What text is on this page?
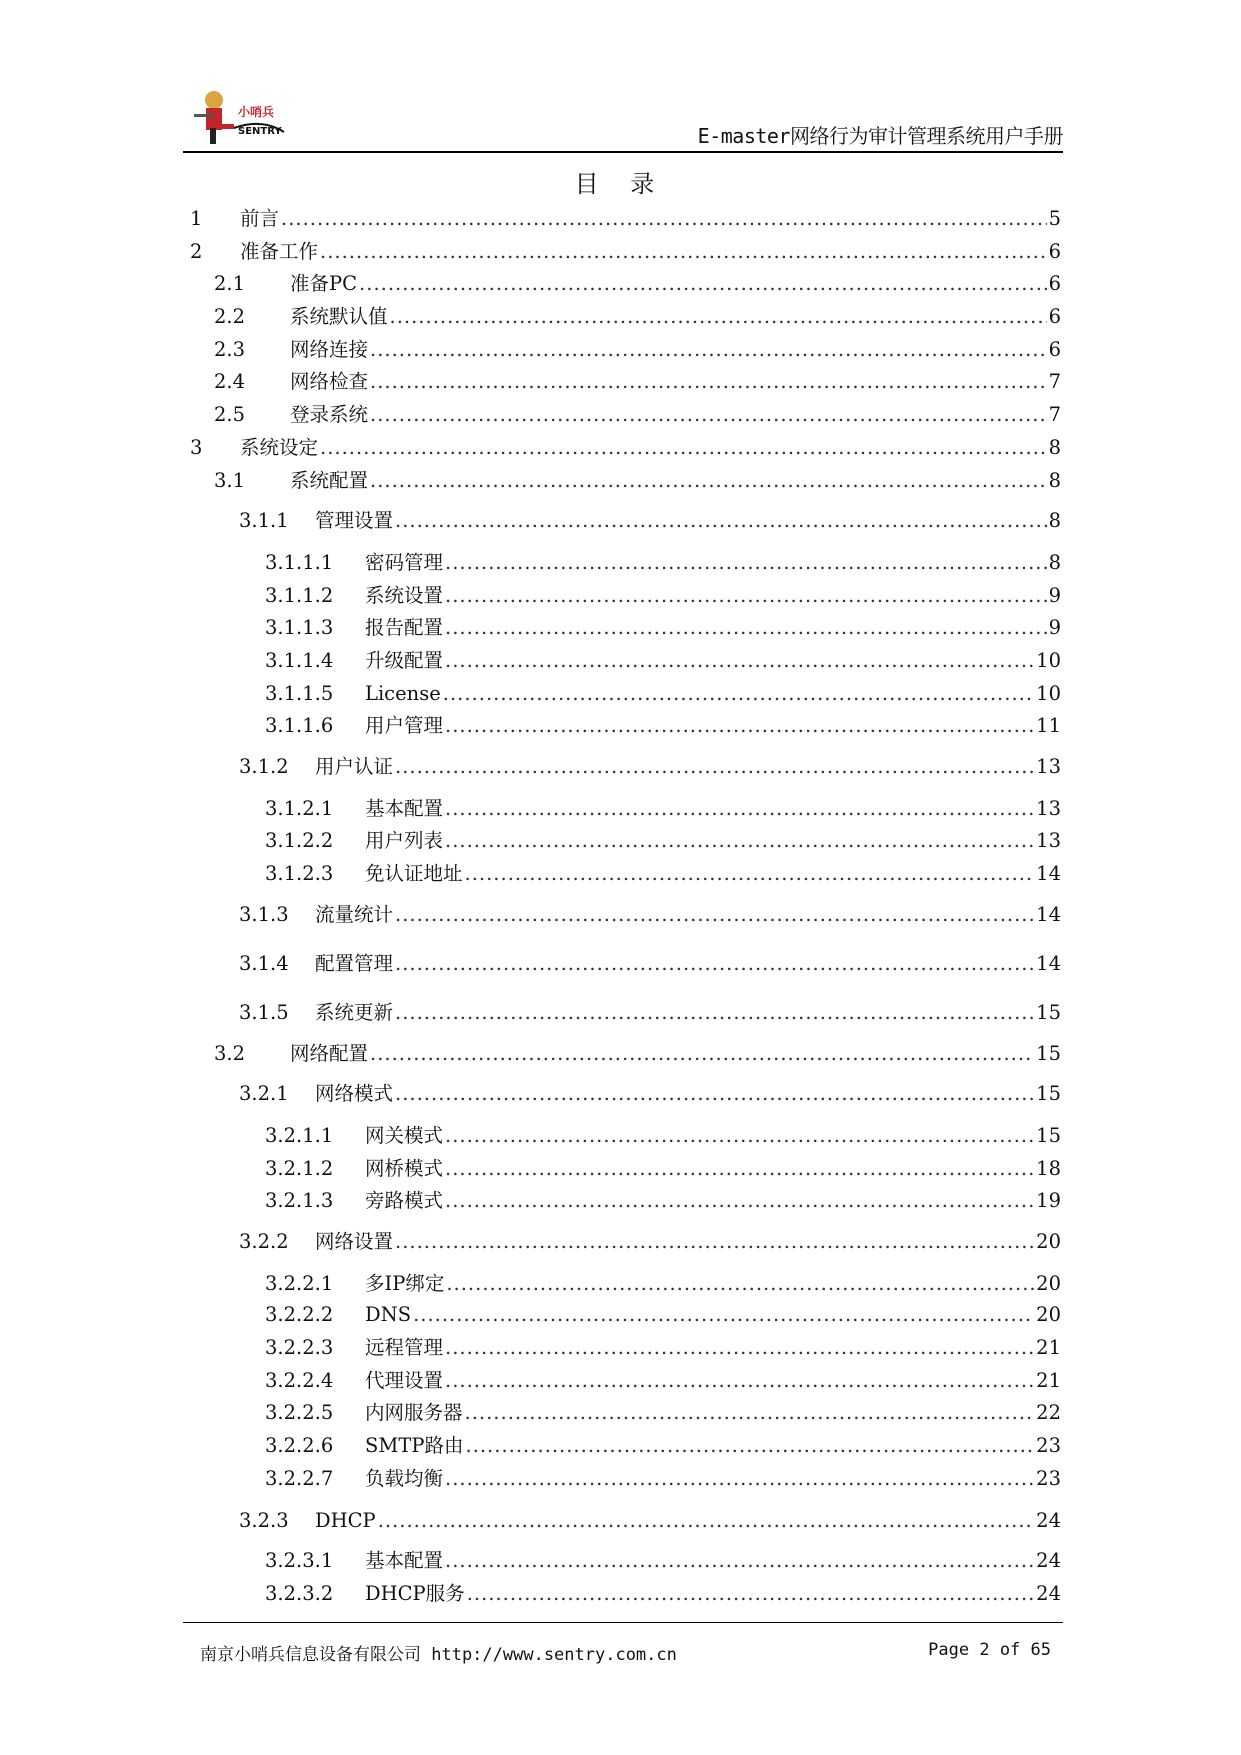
小哨兵
SENTRY	E-master网络行为审计管理系统用户手册
目 录
1	前言 .....	5
2	准备工作 .....	6
2.1	准备PC .....	6
2.2	系统默认值 .....	6
2.3	网络连接 .....	6
2.4	网络检查 .....	7
2.5	登录系统 .....	7
3	系统设定 .....	8
3.1	系统配置 .....	8
3.1.1	管理设置 .....	8
3.1.1.1	密码管理 .....	8
3.1.1.2	系统设置 .....	9
3.1.1.3	报告配置 .....	9
3.1.1.4	升级配置 .....	10
3.1.1.5	License .....	10
3.1.1.6	用户管理 .....	11
3.1.2	用户认证 .....	13
3.1.2.1	基本配置 .....	13
3.1.2.2	用户列表 .....	13
3.1.2.3	免认证地址 .....	14
3.1.3	流量统计 .....	14
3.1.4	配置管理 .....	14
3.1.5	系统更新 .....	15
3.2	网络配置 .....	15
3.2.1	网络模式 .....	15
3.2.1.1	网关模式 .....	15
3.2.1.2	网桥模式 .....	18
3.2.1.3	旁路模式 .....	19
3.2.2	网络设置 .....	20
3.2.2.1	多IP绑定 .....	20
3.2.2.2	DNS .....	20
3.2.2.3	远程管理 .....	21
3.2.2.4	代理设置 .....	21
3.2.2.5	内网服务器 .....	22
3.2.2.6	SMTP路由 .....	23
3.2.2.7	负载均衡 .....	23
3.2.3	DHCP .....	24
3.2.3.1	基本配置 .....	24
3.2.3.2	DHCP服务 .....	24
南京小哨兵信息设备有限公司 http://www.sentry.com.cn	Page 2 of 65
